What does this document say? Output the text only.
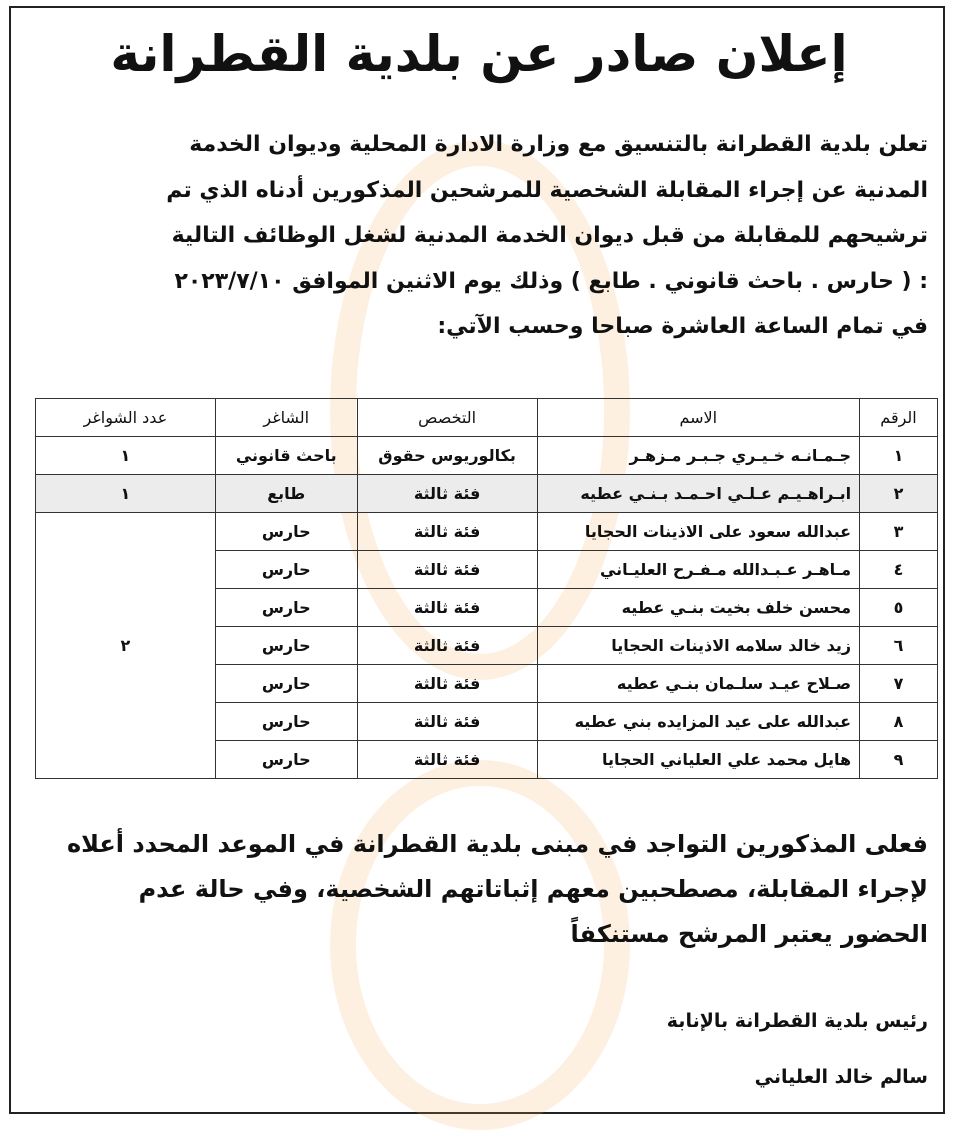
إعلان صادر عن بلدية القطرانة

تعلن بلدية القطرانة بالتنسيق مع وزارة الادارة المحلية وديوان الخدمة

المدنية عن إجراء المقابلة الشخصية للمرشحين المذكورين أدناه الذي تم

ترشيحهم للمقابلة من قبل ديوان الخدمة المدنية لشغل الوظائف التالية

: ( حارس . باحث قانوني . طابع ) وذلك يوم الاثنين الموافق ٢٠٢٣/٧/١٠

في تمام الساعة العاشرة صباحا وحسب الآتي:

الرقم	الاسم	التخصص	الشاغر	عدد الشواغر
١	جـمـانـه خـيـري جـبـر مـزهـر	بكالوريوس حقوق	باحث قانوني	١
٢	ابـراهـيـم عـلـي احـمـد بـنـي عطيه	فئة ثالثة	طابع	١
٣	عبدالله سعود على الاذينات الحجايا	فئة ثالثة	حارس	٢
٤	مـاهـر عـبـدالله مـفـرح العليـاني	فئة ثالثة	حارس	
٥	محسن خلف بخيت بنـي عطيه	فئة ثالثة	حارس	
٦	زيد خالد سلامه الاذينات الحجايا	فئة ثالثة	حارس	
٧	صـلاح عيـد سلـمان بنـي عطيه	فئة ثالثة	حارس	
٨	عبدالله على عيد المزايده بني عطيه	فئة ثالثة	حارس	
٩	هايل محمد علي العلياني الحجايا	فئة ثالثة	حارس	
فعلى المذكورين التواجد في مبنى بلدية القطرانة في الموعد المحدد أعلاه
لإجراء المقابلة، مصطحبين معهم إثباتاتهم الشخصية، وفي حالة عدم
الحضور يعتبر المرشح مستنكفاً
رئيس بلدية القطرانة بالإنابة
سالم خالد العلياني
